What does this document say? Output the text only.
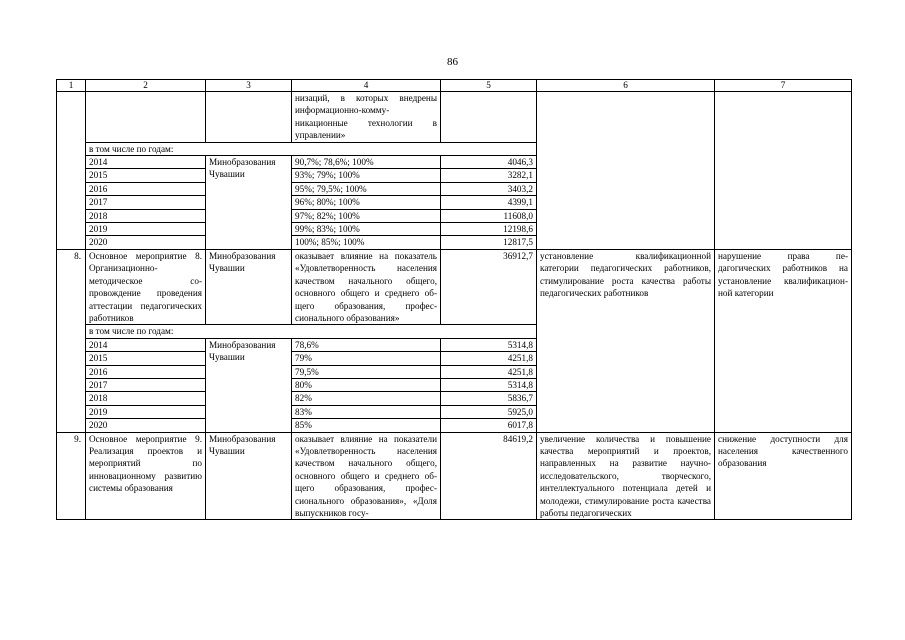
86
1	2	3	4	5	6	7
			низаций, в которых внедрены информационно-коммуникационные технологии в управлении»			
	в том числе по годам:					
	2014	Минобразования Чувашии	90,7%; 78,6%; 100%	4046,3		
	2015		93%; 79%; 100%	3282,1		
	2016		95%; 79,5%; 100%	3403,2		
	2017		96%; 80%; 100%	4399,1		
	2018		97%; 82%; 100%	11608,0		
	2019		99%; 83%; 100%	12198,6		
	2020		100%; 85%; 100%	12817,5		
8.	Основное мероприятие 8. Организационно-методическое сопровождение проведения аттестации педагогических работников	Минобразования Чувашии	оказывает влияние на показатель «Удовлетворенность населения качеством начального общего, основного общего и среднего общего образования, профессионального образования»	36912,7	установление квалификационной категории педагогических работников, стимулирование роста качества работы педагогических работников	нарушение права педагогических работников на установление квалификационной категории
	в том числе по годам:					
	2014	Минобразования Чувашии	78,6%	5314,8		
	2015		79%	4251,8		
	2016		79,5%	4251,8		
	2017		80%	5314,8		
	2018		82%	5836,7		
	2019		83%	5925,0		
	2020		85%	6017,8		
9.	Основное мероприятие 9. Реализация проектов и мероприятий по инновационному развитию системы образования	Минобразования Чувашии	оказывает влияние на показатели «Удовлетворенность населения качеством начального общего, основного общего и среднего общего образования, профессионального образования», «Доля выпускников госу-	84619,2	увеличение количества и повышение качества мероприятий и проектов, направленных на развитие научно-исследовательского, творческого, интеллектуального потенциала детей и молодежи, стимулирование роста качества работы педагогических	снижение доступности для населения качественного образования
